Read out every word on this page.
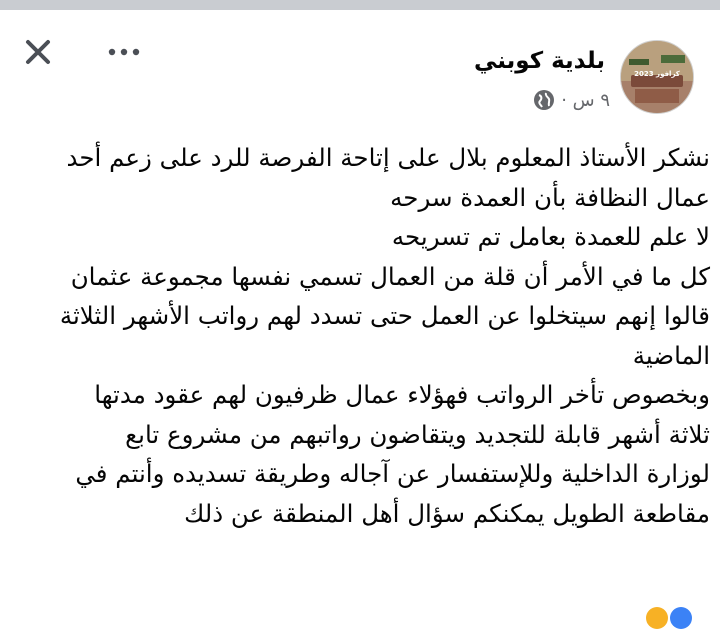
كرافور 2023
بلدية كوبني
٩ س ·

نشكر الأستاذ المعلوم بلال على إتاحة الفرصة للرد على زعم أحد

عمال النظافة بأن العمدة سرحه

لا علم للعمدة بعامل تم تسريحه

كل ما في الأمر أن قلة من العمال تسمي نفسها مجموعة عثمان

قالوا إنهم سيتخلوا عن العمل حتى تسدد لهم رواتب الأشهر الثلاثة

الماضية

وبخصوص تأخر الرواتب فهؤلاء عمال ظرفيون لهم عقود مدتها

ثلاثة أشهر قابلة للتجديد ويتقاضون رواتبهم من مشروع تابع

لوزارة الداخلية وللإستفسار عن آجاله وطريقة تسديده وأنتم في

مقاطعة الطويل يمكنكم سؤال أهل المنطقة عن ذلك
